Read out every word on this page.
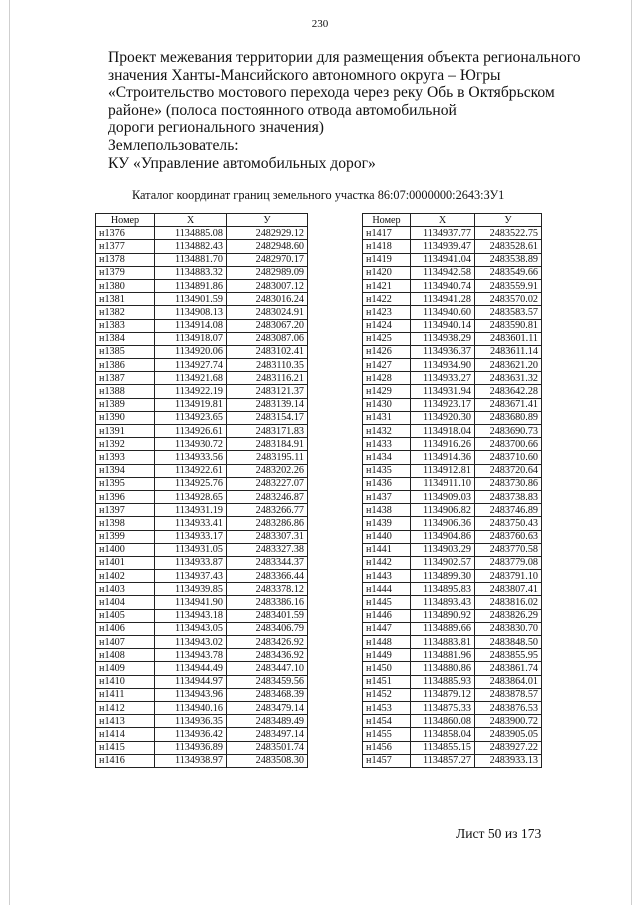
230
Проект межевания территории для размещения объекта регионального
значения Ханты-Мансийского автономного округа – Югры
«Строительство мостового перехода через реку Обь в Октябрьском
районе» (полоса постоянного отвода автомобильной
дороги регионального значения)
Землепользователь:
КУ «Управление автомобильных дорог»
Каталог координат границ земельного участка 86:07:0000000:2643:ЗУ1
Номер	X	У
н1376	1134885.08	2482929.12
н1377	1134882.43	2482948.60
н1378	1134881.70	2482970.17
н1379	1134883.32	2482989.09
н1380	1134891.86	2483007.12
н1381	1134901.59	2483016.24
н1382	1134908.13	2483024.91
н1383	1134914.08	2483067.20
н1384	1134918.07	2483087.06
н1385	1134920.06	2483102.41
н1386	1134927.74	2483110.35
н1387	1134921.68	2483116.21
н1388	1134922.19	2483121.37
н1389	1134919.81	2483139.14
н1390	1134923.65	2483154.17
н1391	1134926.61	2483171.83
н1392	1134930.72	2483184.91
н1393	1134933.56	2483195.11
н1394	1134922.61	2483202.26
н1395	1134925.76	2483227.07
н1396	1134928.65	2483246.87
н1397	1134931.19	2483266.77
н1398	1134933.41	2483286.86
н1399	1134933.17	2483307.31
н1400	1134931.05	2483327.38
н1401	1134933.87	2483344.37
н1402	1134937.43	2483366.44
н1403	1134939.85	2483378.12
н1404	1134941.90	2483386.16
н1405	1134943.18	2483401.59
н1406	1134943.05	2483406.79
н1407	1134943.02	2483426.92
н1408	1134943.78	2483436.92
н1409	1134944.49	2483447.10
н1410	1134944.97	2483459.56
н1411	1134943.96	2483468.39
н1412	1134940.16	2483479.14
н1413	1134936.35	2483489.49
н1414	1134936.42	2483497.14
н1415	1134936.89	2483501.74
н1416	1134938.97	2483508.30
Номер	X	У
н1417	1134937.77	2483522.75
н1418	1134939.47	2483528.61
н1419	1134941.04	2483538.89
н1420	1134942.58	2483549.66
н1421	1134940.74	2483559.91
н1422	1134941.28	2483570.02
н1423	1134940.60	2483583.57
н1424	1134940.14	2483590.81
н1425	1134938.29	2483601.11
н1426	1134936.37	2483611.14
н1427	1134934.90	2483621.20
н1428	1134933.27	2483631.32
н1429	1134931.94	2483642.28
н1430	1134923.17	2483671.41
н1431	1134920.30	2483680.89
н1432	1134918.04	2483690.73
н1433	1134916.26	2483700.66
н1434	1134914.36	2483710.60
н1435	1134912.81	2483720.64
н1436	1134911.10	2483730.86
н1437	1134909.03	2483738.83
н1438	1134906.82	2483746.89
н1439	1134906.36	2483750.43
н1440	1134904.86	2483760.63
н1441	1134903.29	2483770.58
н1442	1134902.57	2483779.08
н1443	1134899.30	2483791.10
н1444	1134895.83	2483807.41
н1445	1134893.43	2483816.02
н1446	1134890.92	2483826.29
н1447	1134889.66	2483830.70
н1448	1134883.81	2483848.50
н1449	1134881.96	2483855.95
н1450	1134880.86	2483861.74
н1451	1134885.93	2483864.01
н1452	1134879.12	2483878.57
н1453	1134875.33	2483876.53
н1454	1134860.08	2483900.72
н1455	1134858.04	2483905.05
н1456	1134855.15	2483927.22
н1457	1134857.27	2483933.13
Лист 50 из 173
